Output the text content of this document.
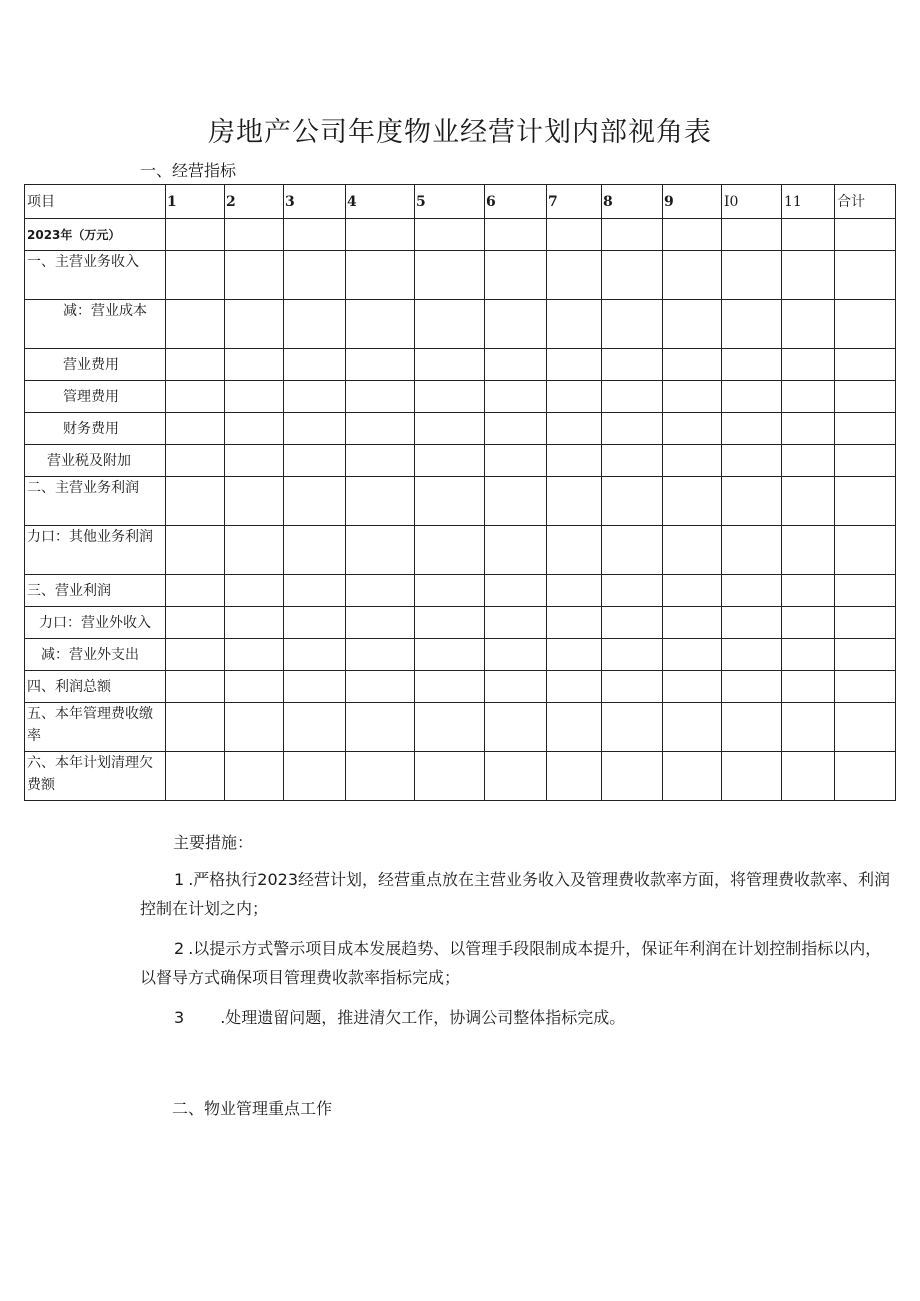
房地产公司年度物业经营计划内部视角表
一、经营指标
项目	1	2	3	4	5	6	7	8	9	I0	11	合计
2023年（万元）												
一、主营业务收入												
减：营业成本												
营业费用												
管理费用												
财务费用												
营业税及附加												
二、主营业务利润												
力口：其他业务利润												
三、营业利润												
力口：营业外收入												
减：营业外支出												
四、利润总额												
五、本年管理费收缴率												
六、本年计划清理欠费额												
主要措施：
1 .严格执行2023经营计划，经营重点放在主营业务收入及管理费收款率方面，将管理费收款率、利润控制在计划之内；
2 .以提示方式警示项目成本发展趋势、以管理手段限制成本提升，保证年利润在计划控制指标以内，以督导方式确保项目管理费收款率指标完成；
3 .处理遗留问题，推进清欠工作，协调公司整体指标完成。
二、物业管理重点工作
